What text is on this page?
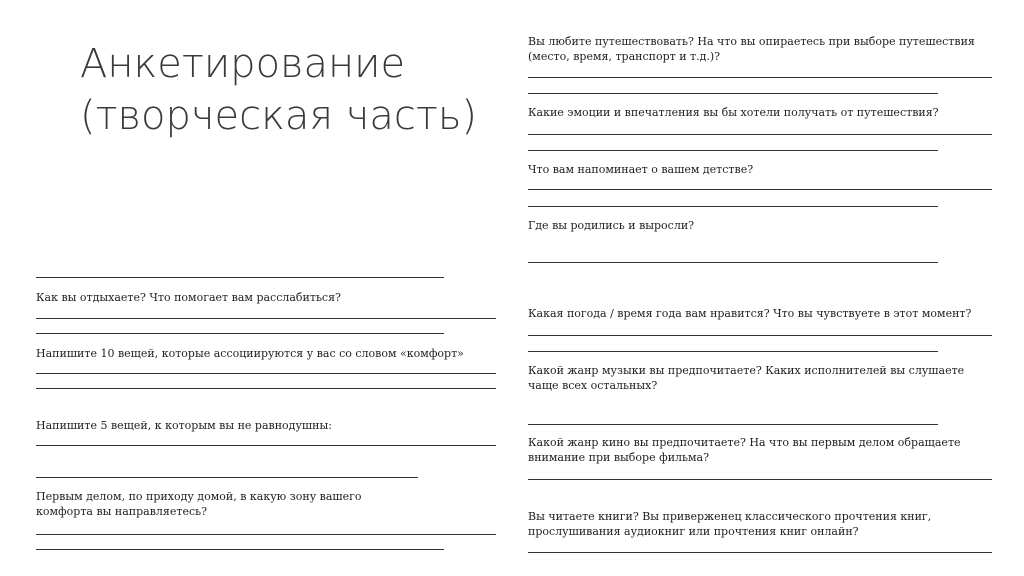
Анкетирование
(творческая часть)

Как вы отдыхаете? Что помогает вам расслабиться?

Напишите 10 вещей, которые ассоциируются у вас со словом «комфорт»

Напишите 5 вещей, к которым вы не равнодушны:

Первым делом, по приходу домой, в какую зону вашего комфорта вы направляетесь?

Вы любите путешествовать? На что вы опираетесь при выборе путешествия (место, время, транспорт и т.д.)?

Какие эмоции и впечатления вы бы хотели получать от путешествия?

Что вам напоминает о вашем детстве?

Где вы родились и выросли?

Какая погода / время года вам нравится? Что вы чувствуете в этот момент?

Какой жанр музыки вы предпочитаете? Каких исполнителей вы слушаете чаще всех остальных?

Какой жанр кино вы предпочитаете? На что вы первым делом обращаете внимание при выборе фильма?

Вы читаете книги? Вы приверженец классического прочтения книг, прослушивания аудиокниг или прочтения книг онлайн?
